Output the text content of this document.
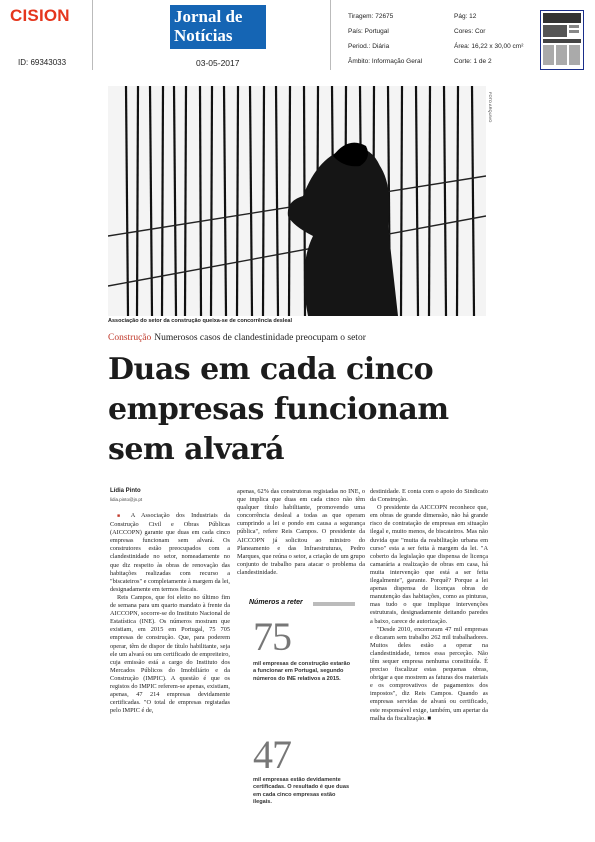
CISION
ID: 69343033
Jornal de
Notícias
03-05-2017
Tiragem: 72675
País: Portugal
Period.: Diária
Âmbito: Informação Geral
Pág: 12
Cores: Cor
Área: 16,22 x 30,00 cm²
Corte: 1 de 2
FOTO ARQUIVO
Associação do setor da construção queixa-se de concorrência desleal
Construção Numerosos casos de clandestinidade preocupam o setor
Duas em cada cinco
empresas funcionam
sem alvará
Lídia Pinto
lidia.pinto@jn.pt

■ A Associação dos Industriais da Construção Civil e Obras Públicas (AICCOPN) garante que duas em cada cinco empresas funcionam sem alvará. Os construtores estão preocupados com a clandestinidade no setor, nomeadamente no que diz respeito às obras de renovação das habitações realizadas com recurso a "biscateiros" e completamente à margem da lei, designadamente em termos fiscais.

Reis Campos, que foi eleito no último fim de semana para um quarto mandato à frente da AICCOPN, socorre-se do Instituto Nacional de Estatística (INE). Os números mostram que existiam, em 2015 em Portugal, 75 705 empresas de construção. Que, para poderem operar, têm de dispor de título habilitante, seja ele um alvará ou um certificado de empreiteiro, cuja emissão está a cargo do Instituto dos Mercados Públicos do Imobiliário e da Construção (IMPIC). A questão é que os registos do IMPIC referem-se apenas, existiam, apenas, 47 214 empresas devidamente certificadas. "O total de empresas registadas pelo IMPIC é de,

apenas, 62% das construtoras registadas no INE, o que implica que duas em cada cinco não têm qualquer título habilitante, promovendo uma concorrência desleal a todas as que operam cumprindo a lei e pondo em causa a segurança pública", refere Reis Campos. O presidente da AICCOPN já solicitou ao ministro do Planeamento e das Infraestruturas, Pedro Marques, que reúna o setor, a criação de um grupo conjunto de trabalho para atacar o problema da clandestinidade.

destinidade. E conta com o apoio do Sindicato da Construção.

O presidente da AICCOPN reconhece que, em obras de grande dimensão, não há grande risco de contratação de empresas em situação ilegal e, muito menos, de biscateiros. Mas não duvida que "muita da reabilitação urbana em curso" esta a ser feita à margem da lei. "A coberto da legislação que dispensa de licença camarária a realização de obras em casa, há muita intervenção que está a ser feita ilegalmente", garante. Porquê? Porque a lei apenas dispensa de licenças obras de manutenção das habitações, como as pinturas, mas tudo o que implique intervenções estruturais, designadamente deitando paredes a baixo, carece de autorização.

"Desde 2010, encerraram 47 mil empresas e dicaram sem trabalho 262 mil trabalhadores. Muitos deles estão a operar na clandestinidade, temos essa perceção. Não têm sequer empresa nenhuma constituída. É preciso fiscalizar estas pequenas obras, obrigar a que mostrem as faturas dos materiais e os comprovativos de pagamentos dos impostos", diz Reis Campos. Quando as empresas servidas de alvará ou certificado, este responsável exige, também, um apertar da malha da fiscalização. ■

Números a reter
75
mil empresas de construção estarão a funcionar em Portugal, segundo números do INE relativos a 2015.
47
mil empresas estão devidamente certificadas. O resultado é que duas em cada cinco empresas estão ilegais.
